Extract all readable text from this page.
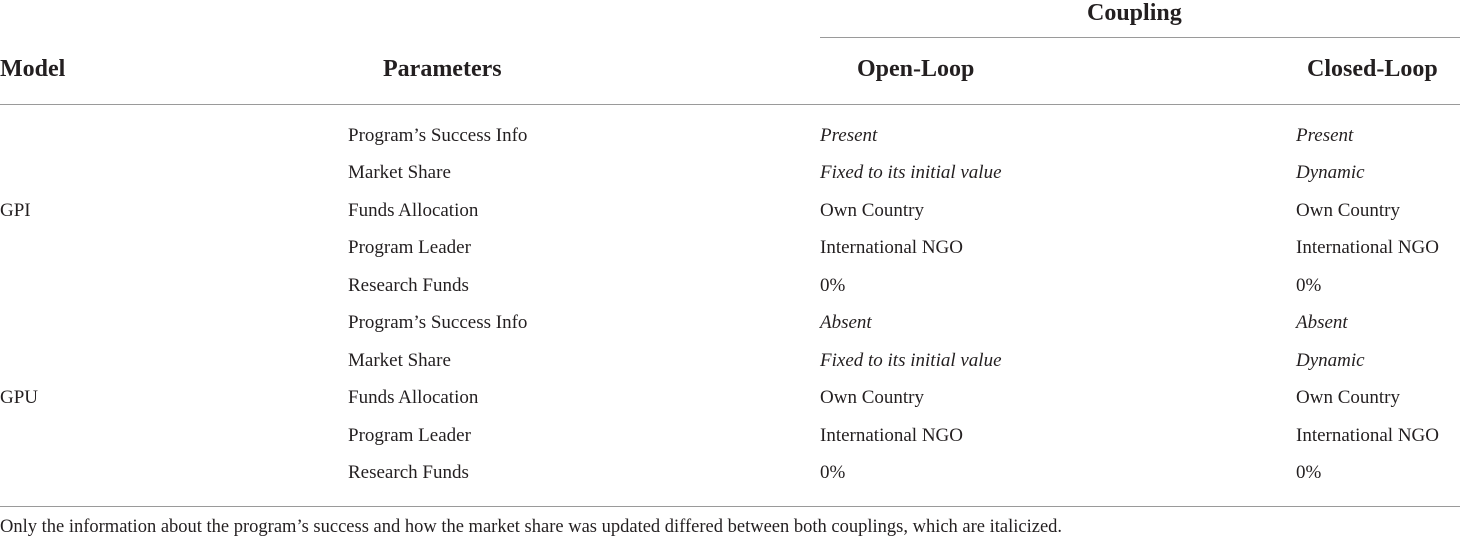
Coupling
Model	Parameters	Open-Loop	Closed-Loop
GPI
Program’s Success Info	Present	Present
Market Share	Fixed to its initial value	Dynamic
Funds Allocation	Own Country	Own Country
Program Leader	International NGO	International NGO
Research Funds	0%	0%
GPU
Program’s Success Info	Absent	Absent
Market Share	Fixed to its initial value	Dynamic
Funds Allocation	Own Country	Own Country
Program Leader	International NGO	International NGO
Research Funds	0%	0%
Only the information about the program’s success and how the market share was updated differed between both couplings, which are italicized.
